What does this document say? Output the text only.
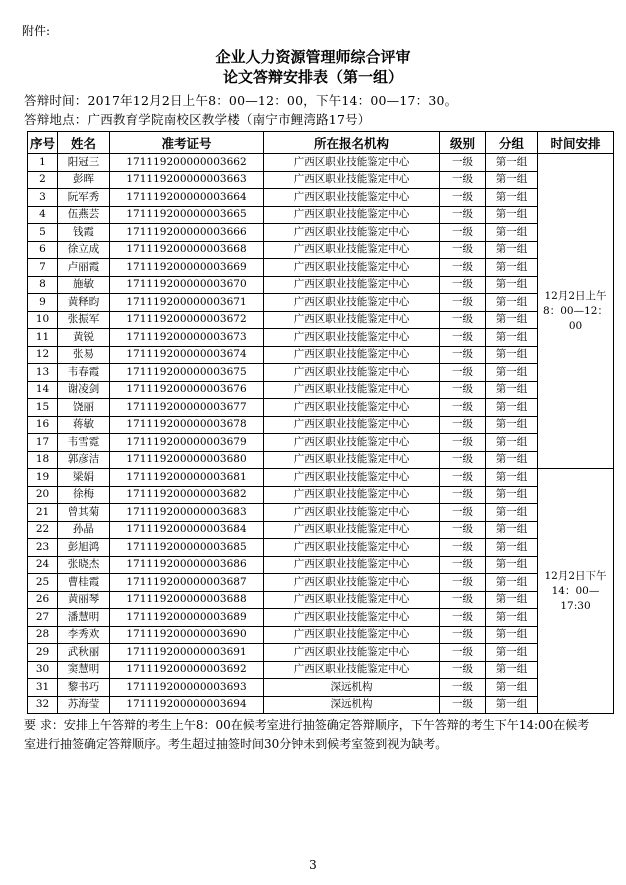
附件:
企业人力资源管理师综合评审
论文答辩安排表（第一组）
答辩时间：2017年12月2日上午8：00—12：00，下午14：00—17：30。
答辩地点：广西教育学院南校区教学楼（南宁市鲤湾路17号）
序号	姓名	准考证号	所在报名机构	级别	分组	时间安排
1	阳冠三	171119200000003662	广西区职业技能鉴定中心	一级	第一组	12月2日上午
8：00—12：00

2	彭晖	171119200000003663	广西区职业技能鉴定中心	一级	第一组	
3	阮军秀	171119200000003664	广西区职业技能鉴定中心	一级	第一组	
4	伍燕芸	171119200000003665	广西区职业技能鉴定中心	一级	第一组	
5	钱霞	171119200000003666	广西区职业技能鉴定中心	一级	第一组	
6	徐立成	171119200000003668	广西区职业技能鉴定中心	一级	第一组	
7	卢丽霞	171119200000003669	广西区职业技能鉴定中心	一级	第一组	
8	施敏	171119200000003670	广西区职业技能鉴定中心	一级	第一组	
9	黄释昀	171119200000003671	广西区职业技能鉴定中心	一级	第一组	
10	张振军	171119200000003672	广西区职业技能鉴定中心	一级	第一组	
11	黄锐	171119200000003673	广西区职业技能鉴定中心	一级	第一组	
12	张易	171119200000003674	广西区职业技能鉴定中心	一级	第一组	
13	韦春霞	171119200000003675	广西区职业技能鉴定中心	一级	第一组	
14	谢凌剑	171119200000003676	广西区职业技能鉴定中心	一级	第一组	
15	饶丽	171119200000003677	广西区职业技能鉴定中心	一级	第一组	
16	蒋敏	171119200000003678	广西区职业技能鉴定中心	一级	第一组	
17	韦雪霓	171119200000003679	广西区职业技能鉴定中心	一级	第一组	
18	郭彦洁	171119200000003680	广西区职业技能鉴定中心	一级	第一组	
19	梁娟	171119200000003681	广西区职业技能鉴定中心	一级	第一组	12月2日下午
14：00—17:30

20	徐梅	171119200000003682	广西区职业技能鉴定中心	一级	第一组	
21	曾其菊	171119200000003683	广西区职业技能鉴定中心	一级	第一组	
22	孙晶	171119200000003684	广西区职业技能鉴定中心	一级	第一组	
23	彭旭鸿	171119200000003685	广西区职业技能鉴定中心	一级	第一组	
24	张晓杰	171119200000003686	广西区职业技能鉴定中心	一级	第一组	
25	曹桂霞	171119200000003687	广西区职业技能鉴定中心	一级	第一组	
26	黄丽琴	171119200000003688	广西区职业技能鉴定中心	一级	第一组	
27	潘慧明	171119200000003689	广西区职业技能鉴定中心	一级	第一组	
28	李秀欢	171119200000003690	广西区职业技能鉴定中心	一级	第一组	
29	武秋丽	171119200000003691	广西区职业技能鉴定中心	一级	第一组	
30	窦慧明	171119200000003692	广西区职业技能鉴定中心	一级	第一组	
31	黎书巧	171119200000003693	深远机构	一级	第一组	
32	苏海莹	171119200000003694	深远机构	一级	第一组	
要 求：安排上午答辩的考生上午8：00在候考室进行抽签确定答辩顺序，下午答辩的考生下午14:00在候考
室进行抽签确定答辩顺序。考生超过抽签时间30分钟未到候考室签到视为缺考。
3
